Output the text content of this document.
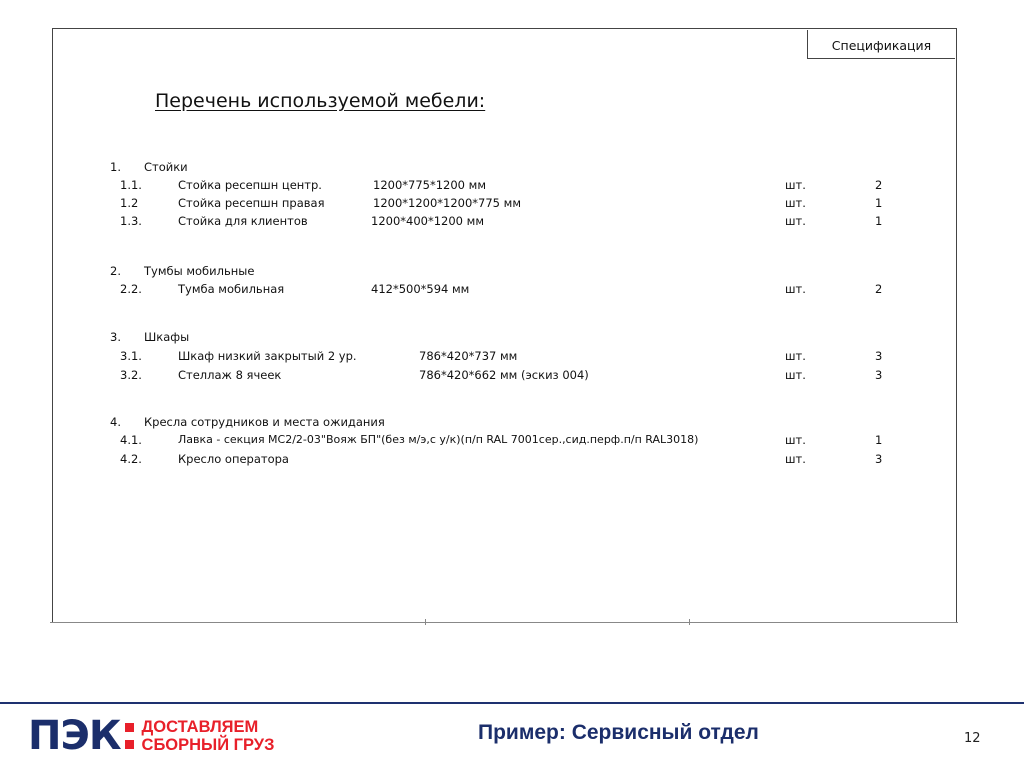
Спецификация
Перечень используемой мебели:
1. Стойки
1.1.	Стойка ресепшн центр.	1200*775*1200 мм	шт.	2
1.2	Стойка ресепшн правая	1200*1200*1200*775 мм	шт.	1
1.3.	Стойка для клиентов	1200*400*1200 мм	шт.	1
2. Тумбы мобильные
2.2.	Тумба мобильная	412*500*594 мм	шт.	2
3. Шкафы
3.1.	Шкаф низкий закрытый 2 ур.	786*420*737 мм	шт.	3
3.2.	Стеллаж 8 ячеек	786*420*662 мм (эскиз 004)	шт.	3
4. Кресла сотрудников и места ожидания
4.1.	Лавка - секция МС2/2-03"Вояж БП"(без м/э,с у/к)(п/п RAL 7001сер.,сид.перф.п/п RAL3018)	шт.	1
4.2.	Кресло оператора	шт.	3
ПЭК ДОСТАВЛЯЕМ
СБОРНЫЙ ГРУЗ
Пример: Сервисный отдел	12
